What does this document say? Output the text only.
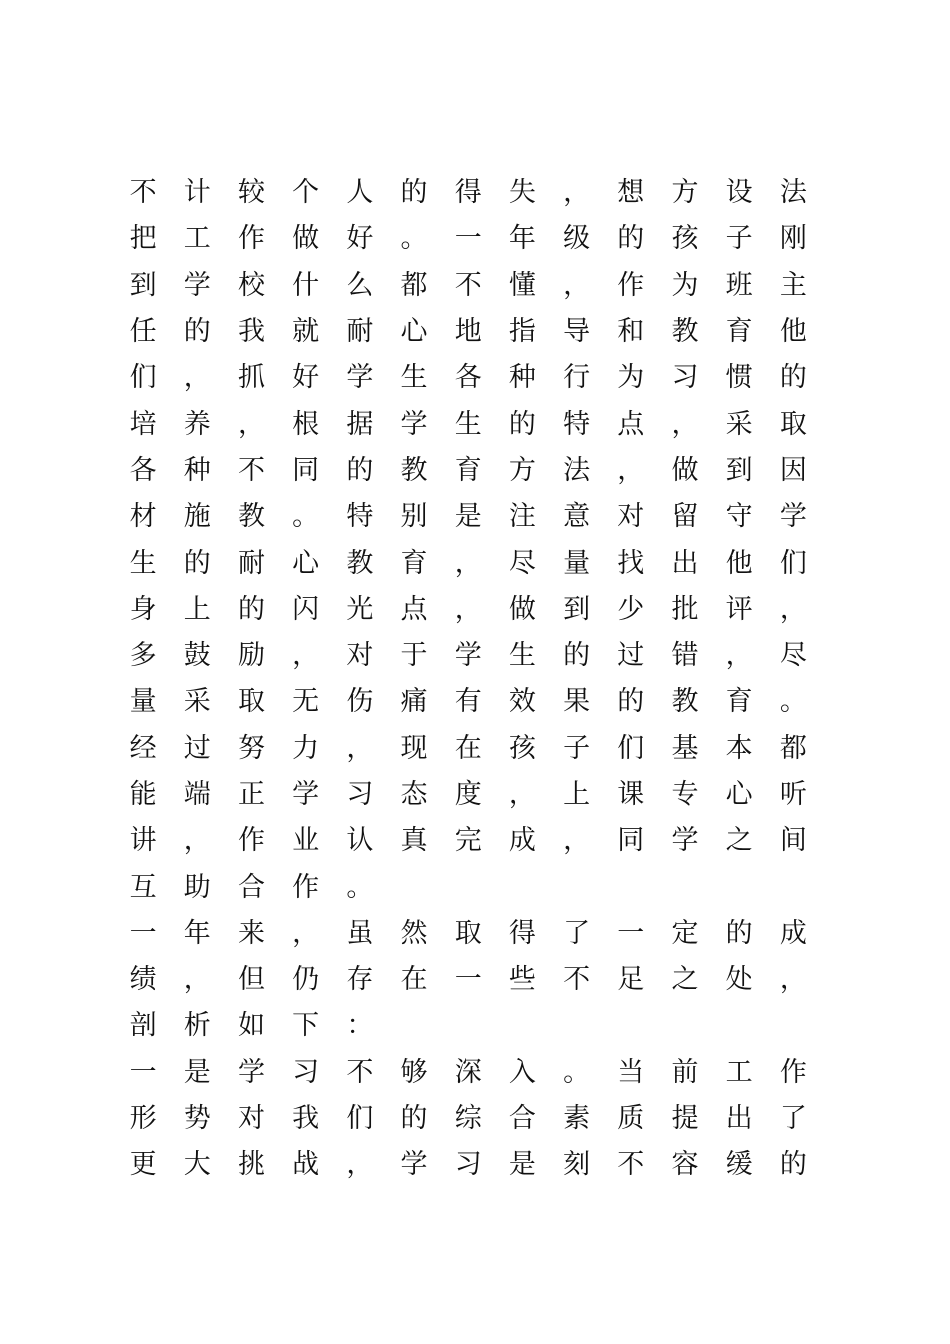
不	计	较	个	人	的	得	失	，	想	方	设	法
把	工	作	做	好	。	一	年	级	的	孩	子	刚
到	学	校	什	么	都	不	懂	，	作	为	班	主
任	的	我	就	耐	心	地	指	导	和	教	育	他
们	，	抓	好	学	生	各	种	行	为	习	惯	的
培	养	，	根	据	学	生	的	特	点	，	采	取
各	种	不	同	的	教	育	方	法	，	做	到	因
材	施	教	。	特	别	是	注	意	对	留	守	学
生	的	耐	心	教	育	，	尽	量	找	出	他	们
身	上	的	闪	光	点	，	做	到	少	批	评	，
多	鼓	励	，	对	于	学	生	的	过	错	，	尽
量	采	取	无	伤	痛	有	效	果	的	教	育	。
经	过	努	力	，	现	在	孩	子	们	基	本	都
能	端	正	学	习	态	度	，	上	课	专	心	听
讲	，	作	业	认	真	完	成	，	同	学	之	间
互	助	合	作	。
一	年	来	，	虽	然	取	得	了	一	定	的	成
绩	，	但	仍	存	在	一	些	不	足	之	处	，
剖	析	如	下	：
一	是	学	习	不	够	深	入	。	当	前	工	作
形	势	对	我	们	的	综	合	素	质	提	出	了
更	大	挑	战	，	学	习	是	刻	不	容	缓	的
